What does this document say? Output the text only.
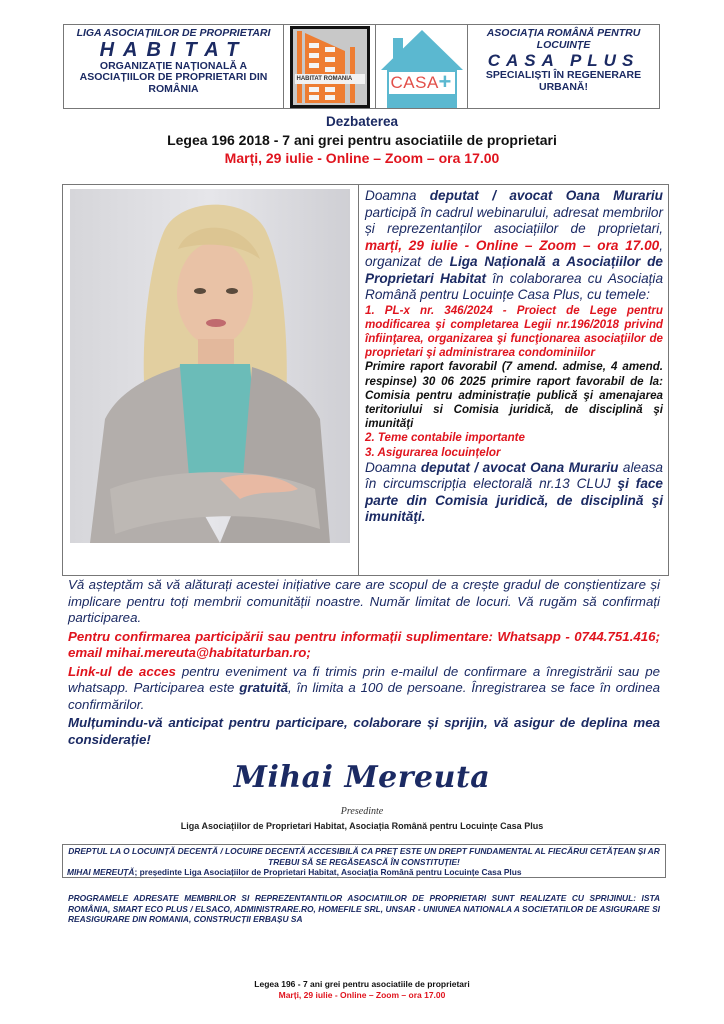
LIGA ASOCIAȚIILOR DE PROPRIETARI
HABITAT
ORGANIZAȚIE NAȚIONALĂ A ASOCIAȚIILOR DE PROPRIETARI DIN ROMÂNIA
HABITAT ROMANIA CASA +
ASOCIAȚIA ROMÂNĂ PENTRU LOCUINȚE
CASA PLUS
SPECIALIȘTI ÎN REGENERARE URBANĂ!
Dezbaterea
Legea 196 2018 - 7 ani grei pentru asociatiile de proprietari
Marți, 29 iulie - Online – Zoom – ora 17.00

Doamna deputat / avocat Oana Murariu participă în cadrul webinarului, adresat membrilor și reprezentanților asociațiilor de proprietari, marți, 29 iulie - Online – Zoom – ora 17.00, organizat de Liga Națională a Asociațiilor de Proprietari Habitat în colaborarea cu Asociația Română pentru Locuințe Casa Plus, cu temele:

1. PL-x nr. 346/2024 - Proiect de Lege pentru modificarea şi completarea Legii nr.196/2018 privind înfiinţarea, organizarea şi funcţionarea asociaţiilor de proprietari şi administrarea condominiilor

Primire raport favorabil (7 amend. admise, 4 amend. respinse) 30 06 2025 primire raport favorabil de la: Comisia pentru administrație publică şi amenajarea teritoriului si Comisia juridică, de disciplină şi imunităţi

2. Teme contabile importante

3. Asigurarea locuințelor

Doamna deputat / avocat Oana Murariu aleasa în circumscripția electorală nr.13 CLUJ şi face parte din Comisia juridică, de disciplină şi imunităţi.

Vă așteptăm să vă alăturați acestei inițiative care are scopul de a crește gradul de conștientizare și implicare pentru toți membrii comunității noastre. Număr limitat de locuri. Vă rugăm să confirmați participarea.

Pentru confirmarea participării sau pentru informații suplimentare: Whatsapp - 0744.751.416; email mihai.mereuta@habitaturban.ro;

Link-ul de acces pentru eveniment va fi trimis prin e-mailul de confirmare a înregistrării sau pe whatsapp. Participarea este gratuită, în limita a 100 de persoane. Înregistrarea se face în ordinea confirmărilor.

Mulțumindu-vă anticipat pentru participare, colaborare și sprijin, vă asigur de deplina mea considerație!

Mihai Mereuta
Presedinte
Liga Asociațiilor de Proprietari Habitat, Asociația Română pentru Locuințe Casa Plus
DREPTUL LA O LOCUINȚĂ DECENTĂ / LOCUIRE DECENTĂ ACCESIBILĂ CA PREȚ ESTE UN DREPT FUNDAMENTAL AL FIECĂRUI CETĂȚEAN ȘI AR TREBUI SĂ SE REGĂSEASCĂ ÎN CONSTITUȚIE!
MIHAI MEREUȚĂ; președinte Liga Asociațiilor de Proprietari Habitat, Asociația Română pentru Locuințe Casa Plus
PROGRAMELE ADRESATE MEMBRILOR SI REPREZENTANTILOR ASOCIATIILOR DE PROPRIETARI SUNT REALIZATE CU SPRIJINUL: ISTA ROMÂNIA, SMART ECO PLUS / ELSACO, ADMINISTRARE.RO, HOMEFILE SRL, UNSAR - UNIUNEA NATIONALA A SOCIETATILOR DE ASIGURARE SI REASIGURARE DIN ROMANIA, CONSTRUCȚII ERBAȘU SA
Legea 196 - 7 ani grei pentru asociatiile de proprietari
Marți, 29 iulie - Online – Zoom – ora 17.00
